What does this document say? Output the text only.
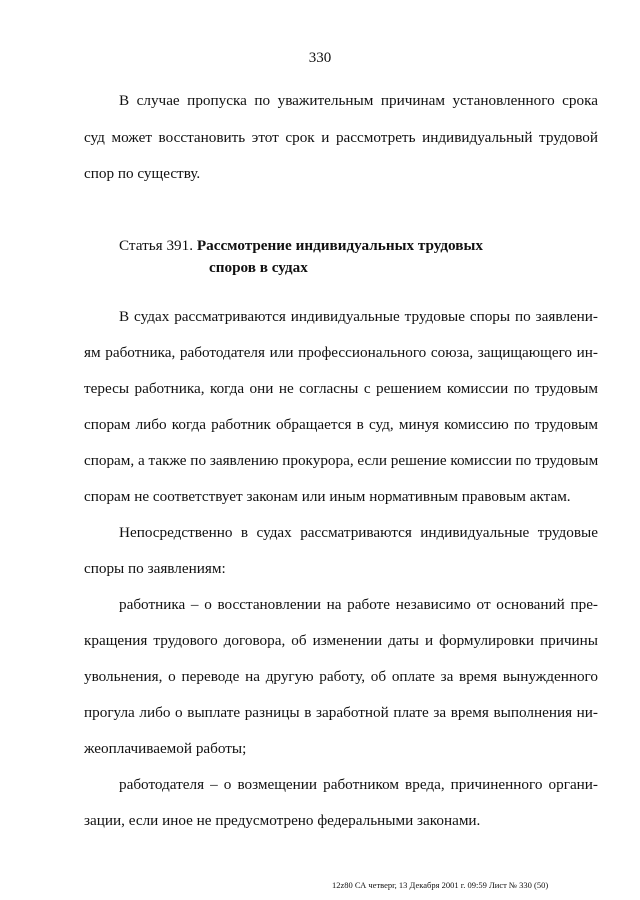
330
В случае пропуска по уважительным причинам установленного срока
суд может восстановить этот срок и рассмотреть индивидуальный трудовой
спор по существу.
Статья 391. Рассмотрение индивидуальных трудовых
споров в судах
В судах рассматриваются индивидуальные трудовые споры по заявлени-
ям работника, работодателя или профессионального союза, защищающего ин-
тересы работника, когда они не согласны с решением комиссии по трудовым
спорам либо когда работник обращается в суд, минуя комиссию по трудовым
спорам, а также по заявлению прокурора, если решение комиссии по трудовым
спорам не соответствует законам или иным нормативным правовым актам.
Непосредственно в судах рассматриваются индивидуальные трудовые
споры по заявлениям:
работника – о восстановлении на работе независимо от оснований пре-
кращения трудового договора, об изменении даты и формулировки причины
увольнения, о переводе на другую работу, об оплате за время вынужденного
прогула либо о выплате разницы в заработной плате за время выполнения ни-
жеоплачиваемой работы;
работодателя – о возмещении работником вреда, причиненного органи-
зации, если иное не предусмотрено федеральными законами.
12z80 СА четверг, 13 Декабря 2001 г. 09:59 Лист № 330 (50)
